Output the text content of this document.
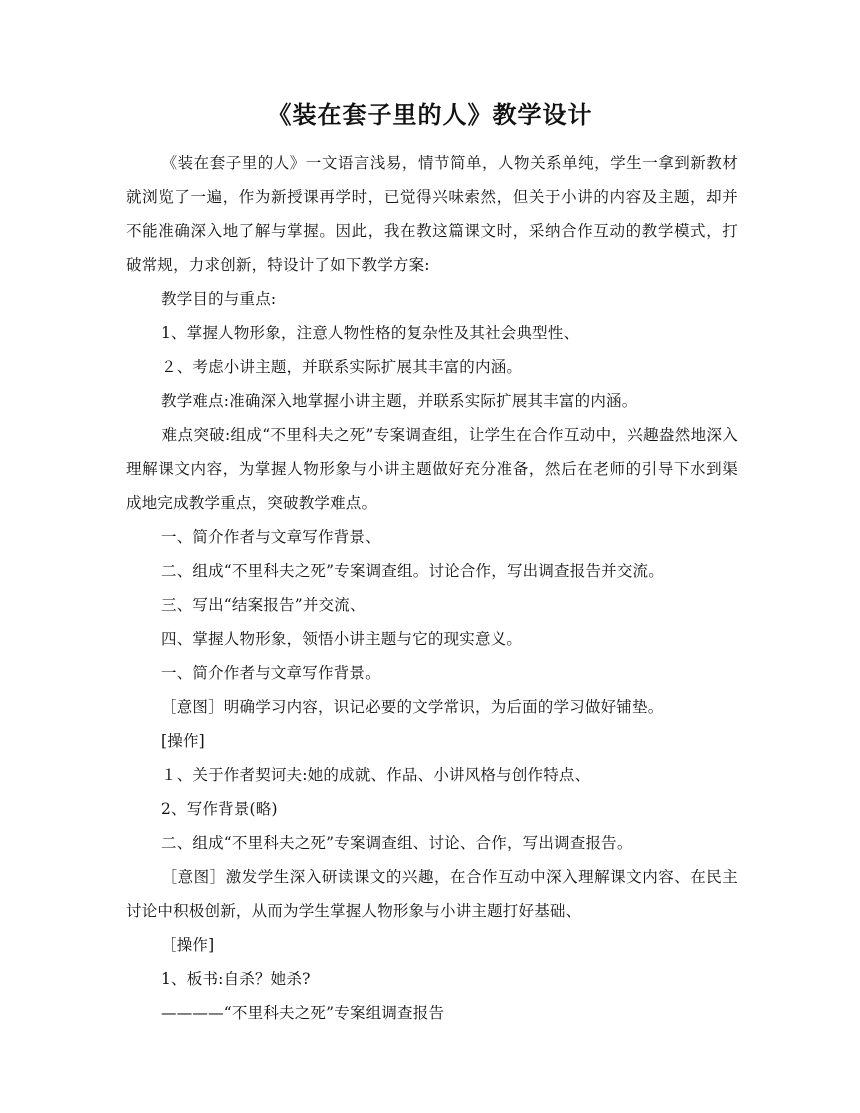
《装在套子里的人》教学设计

《装在套子里的人》一文语言浅易，情节简单，人物关系单纯，学生一拿到新教材就浏览了一遍，作为新授课再学时，已觉得兴味索然，但关于小讲的内容及主题，却并不能准确深入地了解与掌握。因此，我在教这篇课文时，采纳合作互动的教学模式，打破常规，力求创新，特设计了如下教学方案:

教学目的与重点:

1、掌握人物形象，注意人物性格的复杂性及其社会典型性、

２、考虑小讲主题，并联系实际扩展其丰富的内涵。

教学难点:准确深入地掌握小讲主题，并联系实际扩展其丰富的内涵。

难点突破:组成“不里科夫之死”专案调查组，让学生在合作互动中，兴趣盎然地深入理解课文内容，为掌握人物形象与小讲主题做好充分准备，然后在老师的引导下水到渠成地完成教学重点，突破教学难点。

一、简介作者与文章写作背景、

二、组成“不里科夫之死”专案调查组。讨论合作，写出调查报告并交流。

三、写出“结案报告”并交流、

四、掌握人物形象，领悟小讲主题与它的现实意义。

一、简介作者与文章写作背景。

［意图］明确学习内容，识记必要的文学常识，为后面的学习做好铺垫。

[操作]

１、关于作者契诃夫:她的成就、作品、小讲风格与创作特点、

2、写作背景(略)

二、组成“不里科夫之死”专案调查组、讨论、合作，写出调查报告。

［意图］激发学生深入研读课文的兴趣，在合作互动中深入理解课文内容、在民主讨论中积极创新，从而为学生掌握人物形象与小讲主题打好基础、

［操作]

1、板书:自杀？她杀?

————“不里科夫之死”专案组调查报告
